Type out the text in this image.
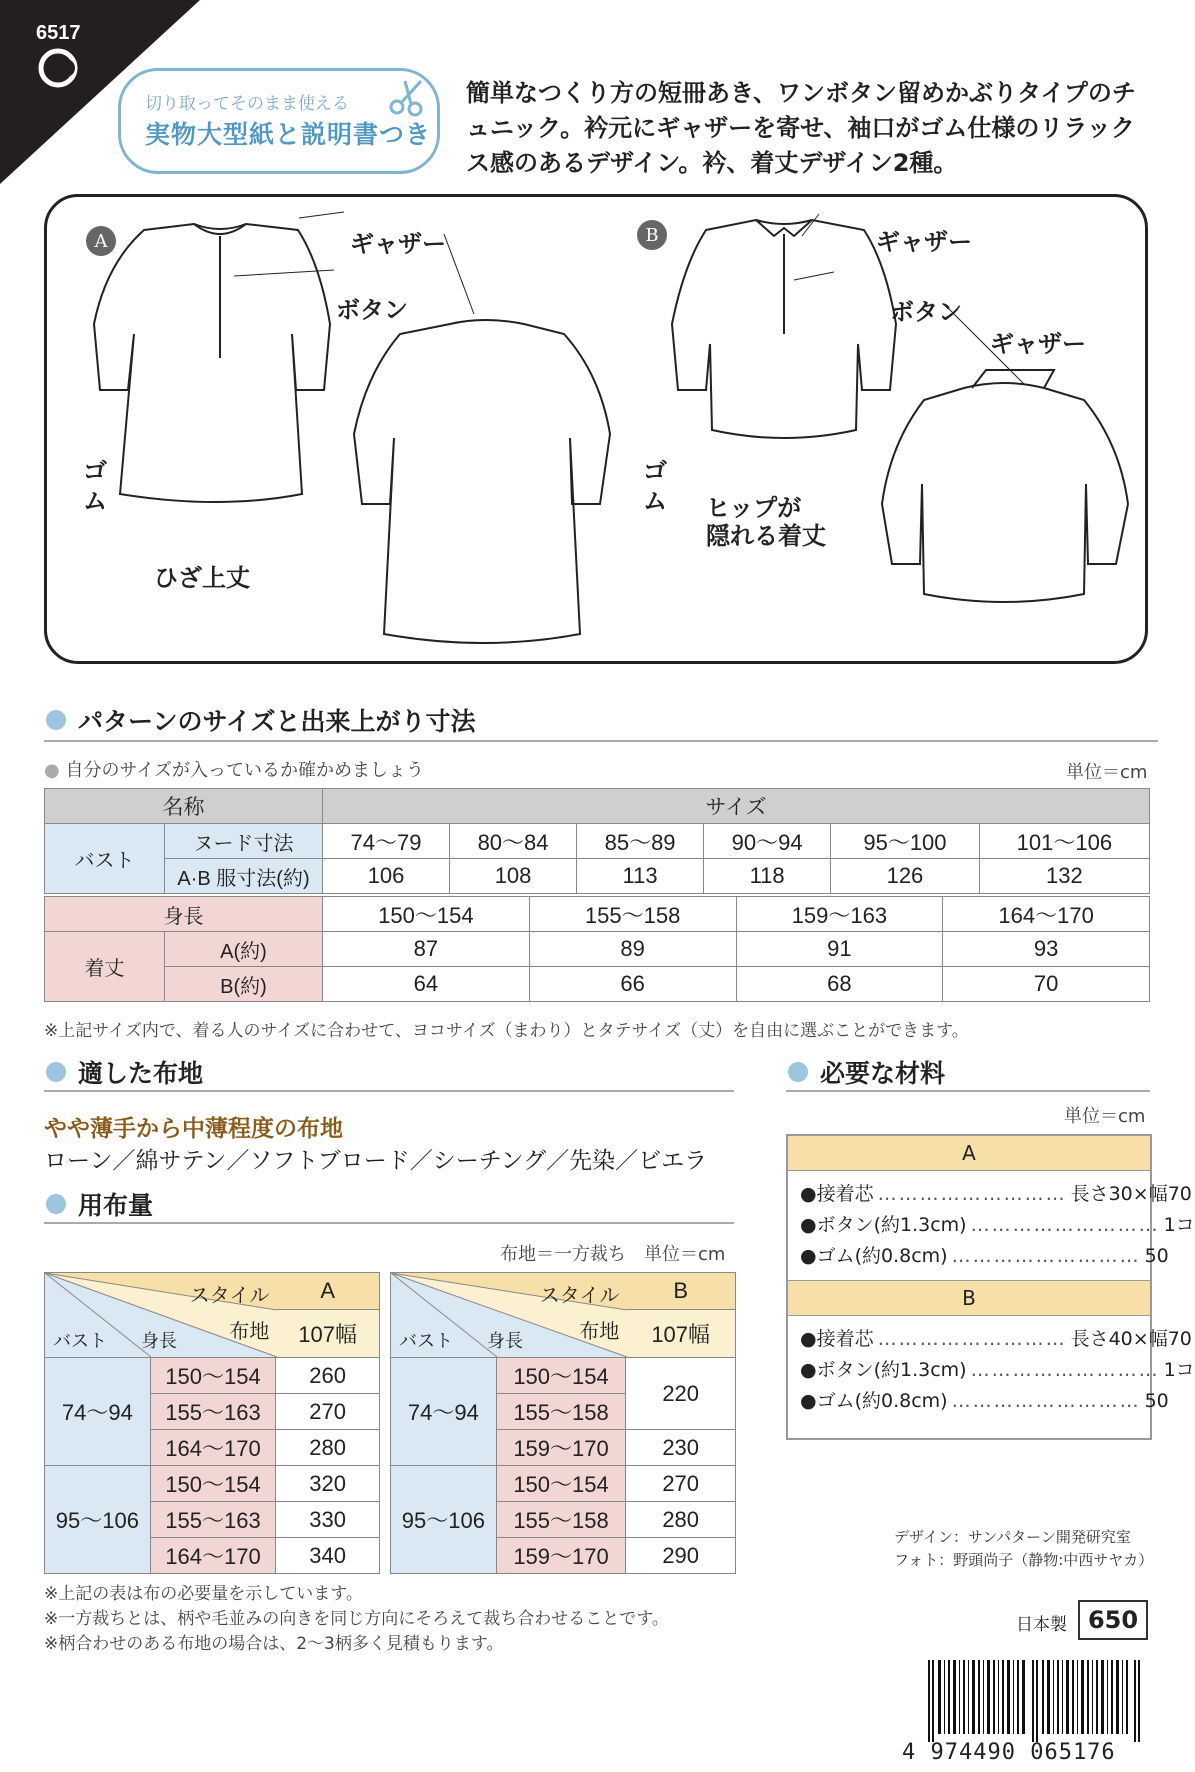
6517
切り取ってそのまま使える
実物大型紙と説明書つき
簡単なつくり方の短冊あき、ワンボタン留めかぶりタイプのチュニック。衿元にギャザーを寄せ、袖口がゴム仕様のリラックス感のあるデザイン。衿、着丈デザイン2種。
A	B
ギャザー
ボタン
ゴム
ひざ上丈
ギャザー
ボタン
ギャザー
ゴム ヒップが
隠れる着丈
パターンのサイズと出来上がり寸法
● 自分のサイズが入っているか確かめましょう	単位＝cm
名称		サイズ					
バスト	ヌード寸法	74〜79	80〜84	85〜89	90〜94	95〜100	101〜106
	A·B 服寸法(約)	106	108	113	118	126	132
身長		150〜154	155〜158	159〜163	164〜170
着丈	A(約)	87	89	91	93
	B(約)	64	66	68	70
※上記サイズ内で、着る人のサイズに合わせて、ヨコサイズ（まわり）とタテサイズ（丈）を自由に選ぶことができます。
適した布地
やや薄手から中薄程度の布地
ローン／綿サテン／ソフトブロード／シーチング／先染／ビエラ
用布量
布地＝一方裁ち　単位＝cm
スタイル
布地
バスト 身長		A
		107幅
74〜94	150〜154	260
	155〜163	270
	164〜170	280
95〜106	150〜154	320
	155〜163	330
	164〜170	340
スタイル
布地
バスト 身長		B
		107幅
74〜94	150〜154	220
	155〜158	
	159〜170	230
95〜106	150〜154	270
	155〜158	280
	159〜170	290
※上記の表は布の必要量を示しています。
※一方裁ちとは、柄や毛並みの向きを同じ方向にそろえて裁ち合わせることです。
※柄合わせのある布地の場合は、2〜3柄多く見積もります。
必要な材料
単位＝cm
A
●接着芯 ……………………… 長さ30×幅70
●ボタン(約1.3cm) ……………………… 1コ
●ゴム(約0.8cm) ……………………… 50
B
●接着芯 ……………………… 長さ40×幅70
●ボタン(約1.3cm) ……………………… 1コ
●ゴム(約0.8cm) ……………………… 50
デザイン：サンパターン開発研究室
フォト：野頭尚子（静物:中西サヤカ）
日本製 650
4 974490 065176
